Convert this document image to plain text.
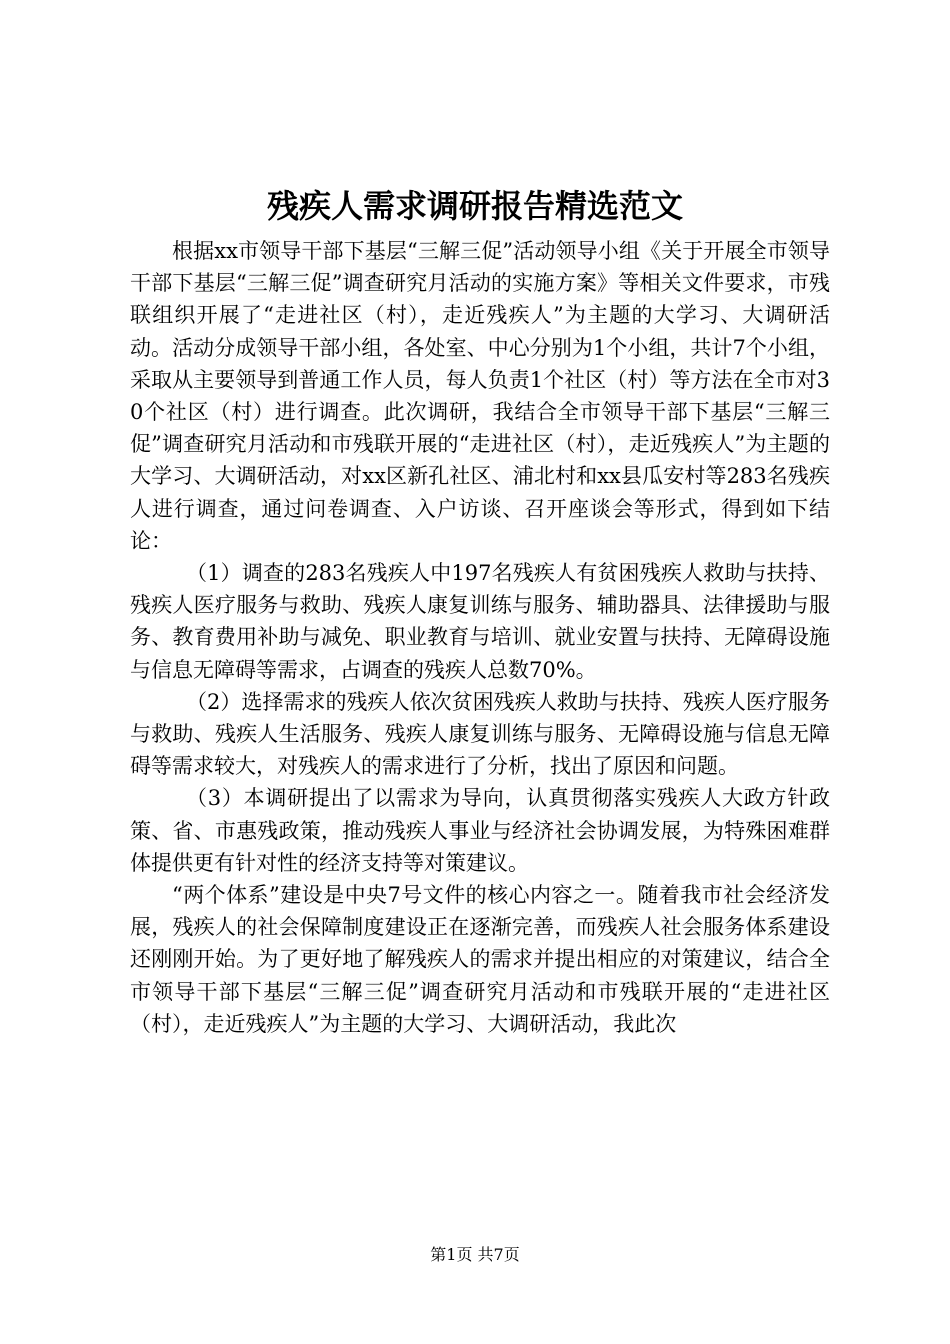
残疾人需求调研报告精选范文

根据xx市领导干部下基层“三解三促”活动领导小组《关于开展全市领导干部下基层“三解三促”调查研究月活动的实施方案》等相关文件要求，市残联组织开展了“走进社区（村），走近残疾人”为主题的大学习、大调研活动。活动分成领导干部小组，各处室、中心分别为1个小组，共计7个小组，采取从主要领导到普通工作人员，每人负责1个社区（村）等方法在全市对30个社区（村）进行调查。此次调研，我结合全市领导干部下基层“三解三促”调查研究月活动和市残联开展的“走进社区（村），走近残疾人”为主题的大学习、大调研活动，对xx区新孔社区、浦北村和xx县瓜安村等283名残疾人进行调查，通过问卷调查、入户访谈、召开座谈会等形式，得到如下结论：

（1）调查的283名残疾人中197名残疾人有贫困残疾人救助与扶持、残疾人医疗服务与救助、残疾人康复训练与服务、辅助器具、法律援助与服务、教育费用补助与减免、职业教育与培训、就业安置与扶持、无障碍设施与信息无障碍等需求，占调查的残疾人总数70%。

（2）选择需求的残疾人依次贫困残疾人救助与扶持、残疾人医疗服务与救助、残疾人生活服务、残疾人康复训练与服务、无障碍设施与信息无障碍等需求较大，对残疾人的需求进行了分析，找出了原因和问题。

（3）本调研提出了以需求为导向，认真贯彻落实残疾人大政方针政策、省、市惠残政策，推动残疾人事业与经济社会协调发展，为特殊困难群体提供更有针对性的经济支持等对策建议。

“两个体系”建设是中央7号文件的核心内容之一。随着我市社会经济发展，残疾人的社会保障制度建设正在逐渐完善，而残疾人社会服务体系建设还刚刚开始。为了更好地了解残疾人的需求并提出相应的对策建议，结合全市领导干部下基层“三解三促”调查研究月活动和市残联开展的“走进社区（村），走近残疾人”为主题的大学习、大调研活动，我此次

第1页 共7页
